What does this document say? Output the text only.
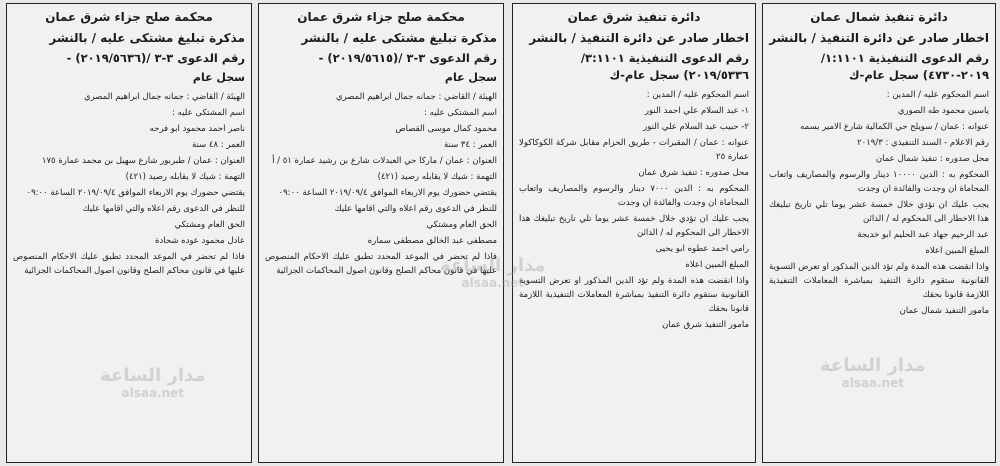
دائرة تنفيذ شمال عمان
اخطار صادر عن دائرة التنفيذ / بالنشر
رقم الدعوى التنفيذية ١:١١٠١/ ٢٠١٩-٤٧٣٠) سجل عام-ك
اسم المحكوم عليه / المدين :
ياسين محمود طه الصوري
عنوانه : عمان / سويلح حي الكمالية شارع الامير بسمه
رقم الاعلام - السند التنفيذي : ٢٠١٩/٣
محل صدوره : تنفيذ شمال عمان
المحكوم به : الدين ١٠٠٠٠ دينار والرسوم والمصاريف واتعاب المحاماة ان وجدت والفائدة ان وجدت
يجب عليك ان تؤدي خلال خمسة عشر يوما تلي تاريخ تبليغك هذا الاخطار الى المحكوم له / الدائن
عبد الرحيم جهاد عبد الحليم ابو خديجة
المبلغ المبين اعلاه
واذا انقضت هذه المدة ولم تؤد الدين المذكور او تعرض التسوية القانونية ستقوم دائرة التنفيذ بمباشرة المعاملات التنفيذية اللازمة قانونا بحقك
مامور التنفيذ شمال عمان
دائرة تنفيذ شرق عمان
اخطار صادر عن دائرة التنفيذ / بالنشر
رقم الدعوى التنفيذية ٣:١١٠١/ ٢٠١٩/٥٣٣٦) سجل عام-ك
اسم المحكوم عليه / المدين :
١- عبد السلام علي احمد النور
٢- حبيب عبد السلام علي النور
عنوانه : عمان / المقبرات - طريق الحزام مقابل شركة الكوكاكولا عمارة ٢٥
محل صدوره : تنفيذ شرق عمان
المحكوم به : الدين ٧٠٠٠ دينار والرسوم والمصاريف واتعاب المحاماة ان وجدت والفائدة ان وجدت
يجب عليك ان تؤدي خلال خمسة عشر يوما تلي تاريخ تبليغك هذا الاخطار الى المحكوم له / الدائن
رامي احمد عطوه ابو يحيى
المبلغ المبين اعلاه
واذا انقضت هذه المدة ولم تؤد الدين المذكور او تعرض التسوية القانونية ستقوم دائرة التنفيذ بمباشرة المعاملات التنفيذية اللازمة قانونا بحقك
مامور التنفيذ شرق عمان
محكمة صلح جزاء شرق عمان
مذكرة تبليغ مشتكى عليه / بالنشر
رقم الدعوى ٣-٣ /(٢٠١٩/٥٦١٥) -
سجل عام
الهيئة / القاضي : جمانه جمال ابراهيم المصري
اسم المشتكى عليه :
محمود كمال موسى القصاص
العمر : ٣٤ سنة
العنوان : عمان / ماركا حي العبدلات شارع بن رشيد عمارة ٥١ / أ
التهمة : شيك لا يقابله رصيد (٤٢١)
يقتضي حضورك يوم الاربعاء الموافق ٢٠١٩/٠٩/٤ الساعة ٠٩:٠٠
للنظر في الدعوى رقم اعلاه والتي اقامها عليك
الحق العام ومشتكي
مصطفى عبد الخالق مصطفى سماره
فاذا لم تحضر في الموعد المحدد تطبق عليك الاحكام المنصوص عليها في قانون محاكم الصلح وقانون اصول المحاكمات الجزائية
محكمة صلح جزاء شرق عمان
مذكرة تبليغ مشتكى عليه / بالنشر
رقم الدعوى ٣-٣ /(٢٠١٩/٥٦٣٦) -
سجل عام
الهيئة / القاضي : جمانه جمال ابراهيم المصري
اسم المشتكى عليه :
ناصر احمد محمود ابو فرحه
العمر : ٤٨ سنة
العنوان : عمان / طبربور شارع سهيل بن محمد عمارة ١٧٥
التهمة : شيك لا يقابله رصيد (٤٢١)
يقتضي حضورك يوم الاربعاء الموافق ٢٠١٩/٠٩/٤ الساعة ٠٩:٠٠
للنظر في الدعوى رقم اعلاه والتي اقامها عليك
الحق العام ومشتكي
عادل محمود عوده شحادة
فاذا لم تحضر في الموعد المحدد تطبق عليك الاحكام المنصوص عليها في قانون محاكم الصلح وقانون اصول المحاكمات الجزائية	مدار الساعة
alsaa.net
مدار الساعة
alsaa.net
مدار الساعة
alsaa.net
